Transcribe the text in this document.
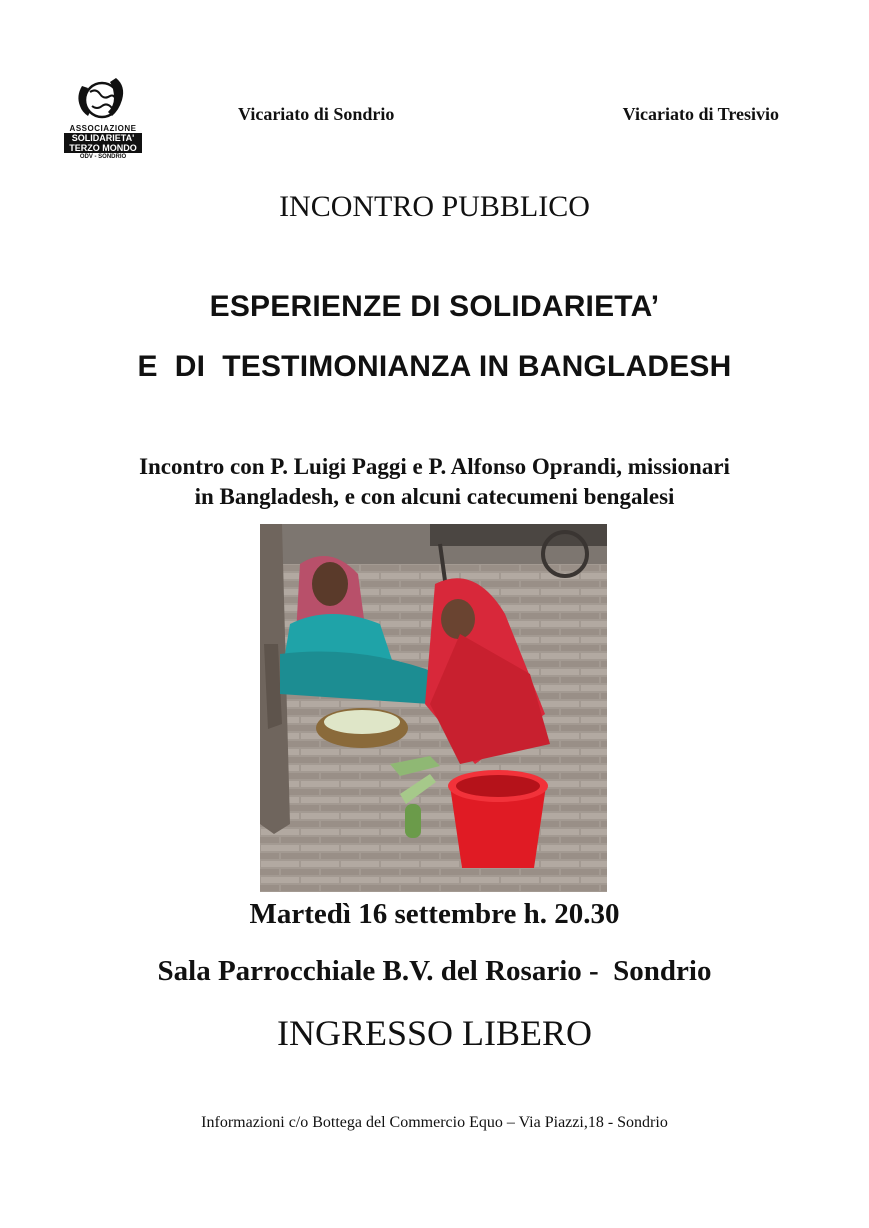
ASSOCIAZIONE
SOLIDARIETA'
TERZO MONDO
ODV - SONDRIO
Vicariato di Sondrio	Vicariato di Tresivio
INCONTRO PUBBLICO
ESPERIENZE DI SOLIDARIETA’
E  DI  TESTIMONIANZA IN BANGLADESH
Incontro con P. Luigi Paggi e P. Alfonso Oprandi, missionari
in Bangladesh, e con alcuni catecumeni bengalesi
Martedì 16 settembre h. 20.30
Sala Parrocchiale B.V. del Rosario -  Sondrio
INGRESSO LIBERO
Informazioni c/o Bottega del Commercio Equo – Via Piazzi,18 - Sondrio
